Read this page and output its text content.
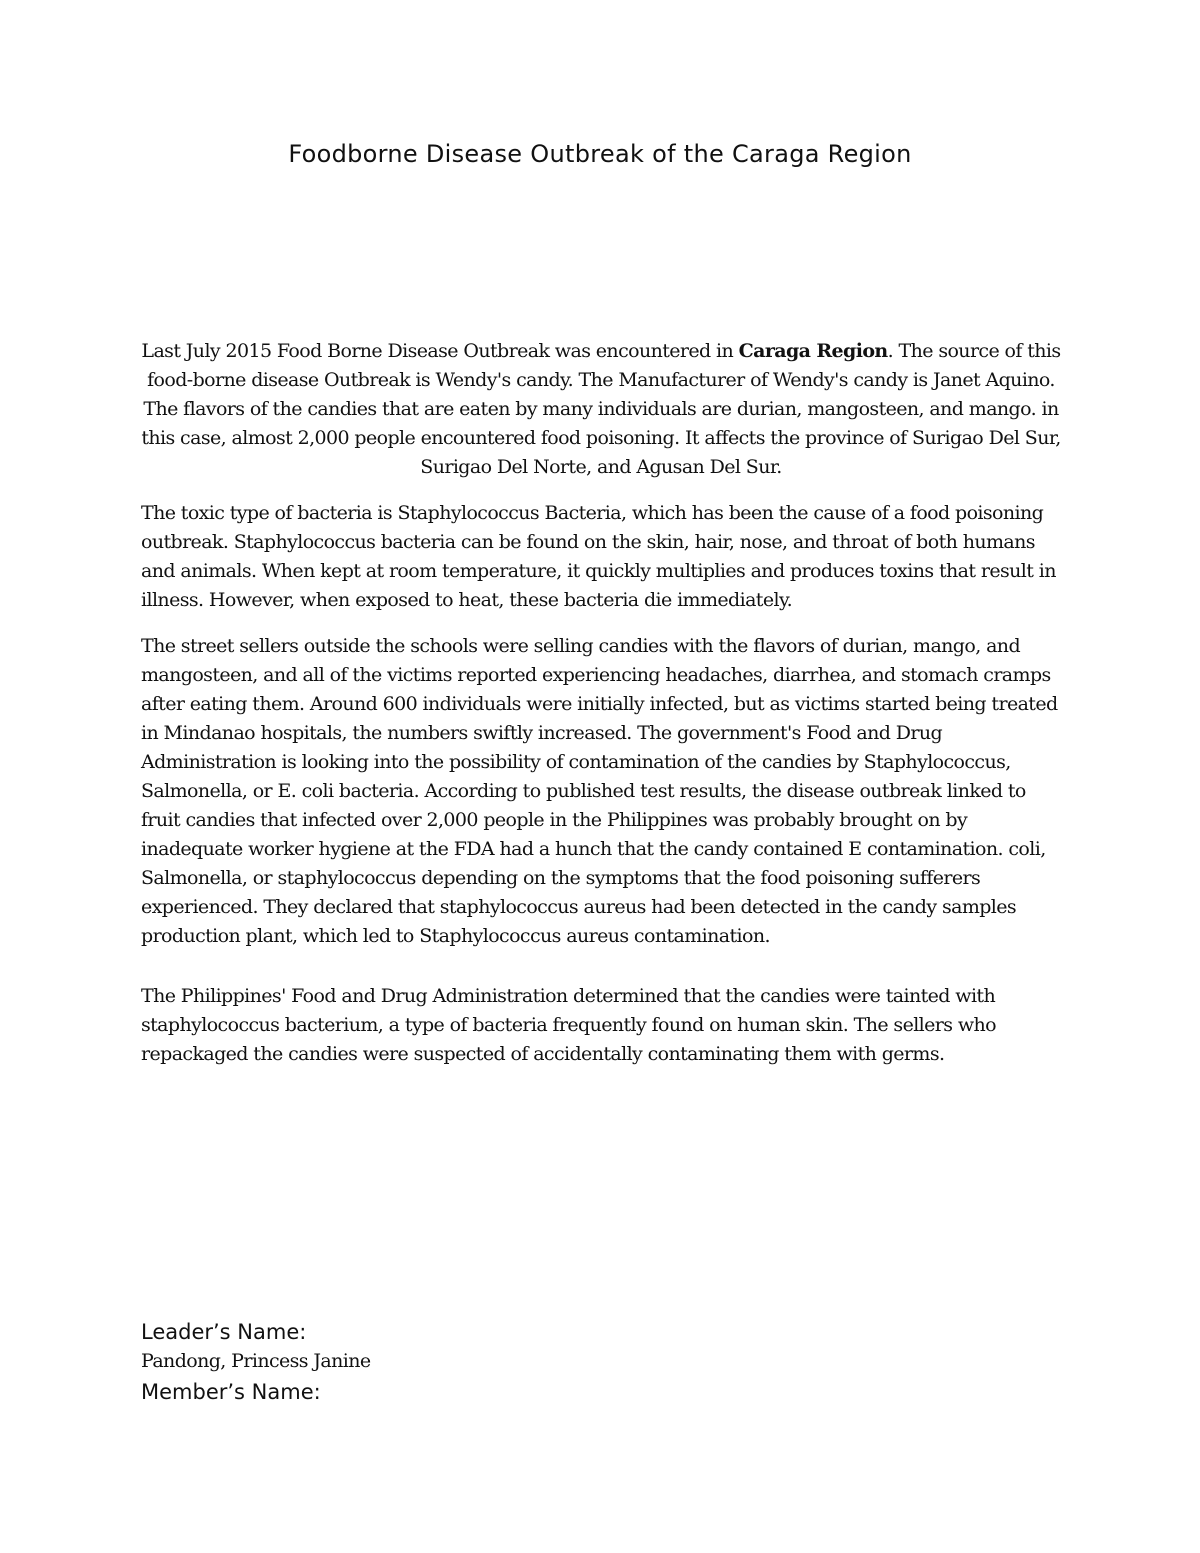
Foodborne Disease Outbreak of the Caraga Region

Last July 2015 Food Borne Disease Outbreak was encountered in Caraga Region. The source of this food-borne disease Outbreak is Wendy's candy. The Manufacturer of Wendy's candy is Janet Aquino. The flavors of the candies that are eaten by many individuals are durian, mangosteen, and mango. in this case, almost 2,000 people encountered food poisoning. It affects the province of Surigao Del Sur, Surigao Del Norte, and Agusan Del Sur.

The toxic type of bacteria is Staphylococcus Bacteria, which has been the cause of a food poisoning outbreak. Staphylococcus bacteria can be found on the skin, hair, nose, and throat of both humans and animals. When kept at room temperature, it quickly multiplies and produces toxins that result in illness. However, when exposed to heat, these bacteria die immediately.

The street sellers outside the schools were selling candies with the flavors of durian, mango, and mangosteen, and all of the victims reported experiencing headaches, diarrhea, and stomach cramps after eating them. Around 600 individuals were initially infected, but as victims started being treated in Mindanao hospitals, the numbers swiftly increased. The government's Food and Drug Administration is looking into the possibility of contamination of the candies by Staphylococcus, Salmonella, or E. coli bacteria. According to published test results, the disease outbreak linked to fruit candies that infected over 2,000 people in the Philippines was probably brought on by inadequate worker hygiene at the FDA had a hunch that the candy contained E contamination. coli, Salmonella, or staphylococcus depending on the symptoms that the food poisoning sufferers experienced. They declared that staphylococcus aureus had been detected in the candy samples production plant, which led to Staphylococcus aureus contamination.

The Philippines' Food and Drug Administration determined that the candies were tainted with staphylococcus bacterium, a type of bacteria frequently found on human skin. The sellers who repackaged the candies were suspected of accidentally contaminating them with germs.

Leader’s Name:

Pandong, Princess Janine

Member’s Name:
